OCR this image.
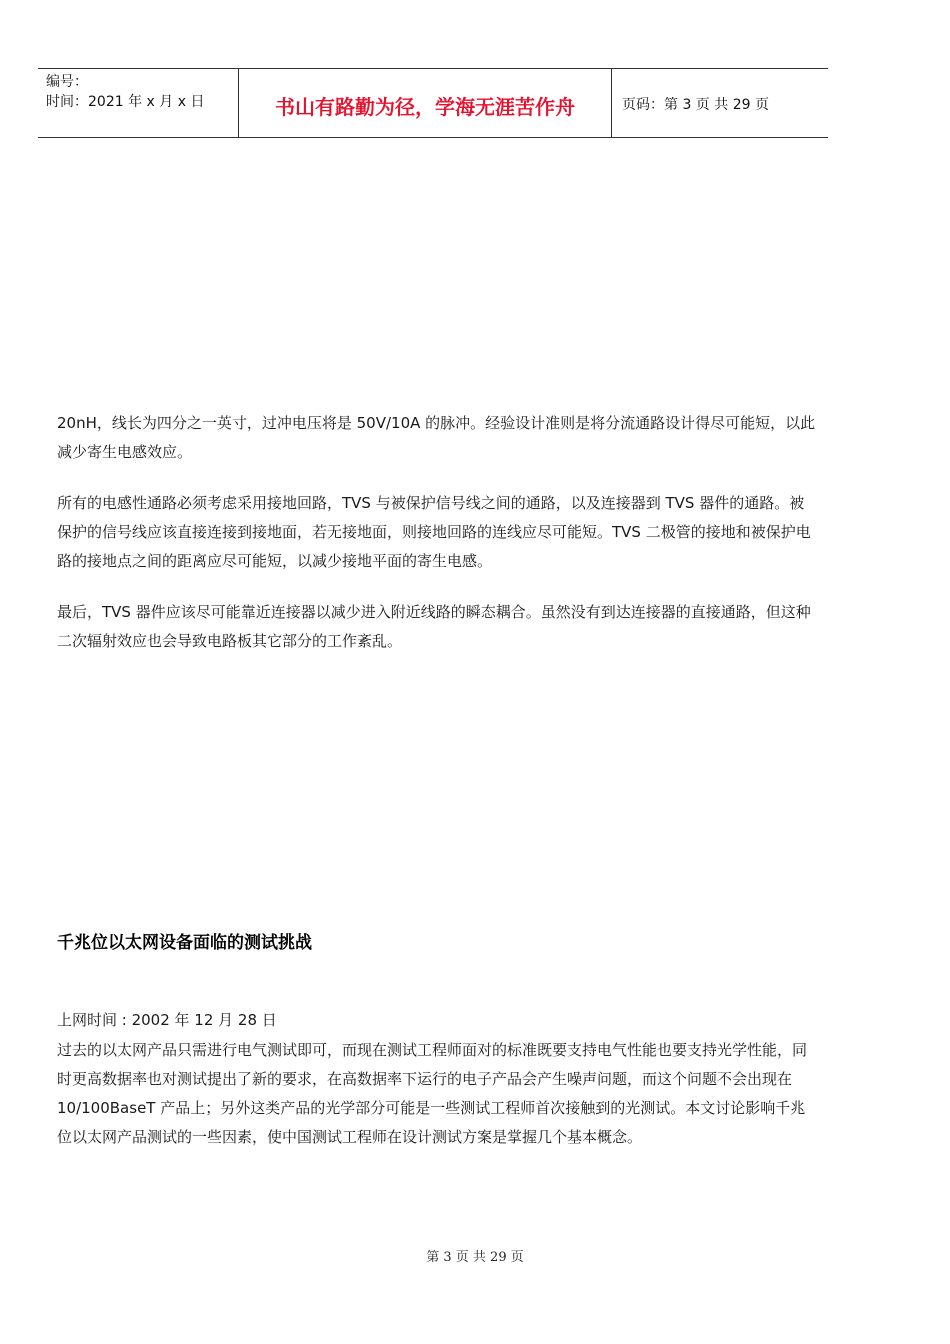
编号：
时间：2021 年 x 月 x 日	书山有路勤为径，学海无涯苦作舟	页码：第 3 页 共 29 页

20nH，线长为四分之一英寸，过冲电压将是 50V/10A 的脉冲。经验设计准则是将分流通路设计得尽可能短，以此减少寄生电感效应。

所有的电感性通路必须考虑采用接地回路，TVS 与被保护信号线之间的通路，以及连接器到 TVS 器件的通路。被保护的信号线应该直接连接到接地面，若无接地面，则接地回路的连线应尽可能短。TVS 二极管的接地和被保护电路的接地点之间的距离应尽可能短，以减少接地平面的寄生电感。

最后，TVS 器件应该尽可能靠近连接器以减少进入附近线路的瞬态耦合。虽然没有到达连接器的直接通路，但这种二次辐射效应也会导致电路板其它部分的工作紊乱。

千兆位以太网设备面临的测试挑战

上网时间 : 2002 年 12 月 28 日

过去的以太网产品只需进行电气测试即可，而现在测试工程师面对的标准既要支持电气性能也要支持光学性能，同时更高数据率也对测试提出了新的要求，在高数据率下运行的电子产品会产生噪声问题，而这个问题不会出现在 10/100BaseT 产品上；另外这类产品的光学部分可能是一些测试工程师首次接触到的光测试。本文讨论影响千兆位以太网产品测试的一些因素，使中国测试工程师在设计测试方案是掌握几个基本概念。

第 3 页 共 29 页
